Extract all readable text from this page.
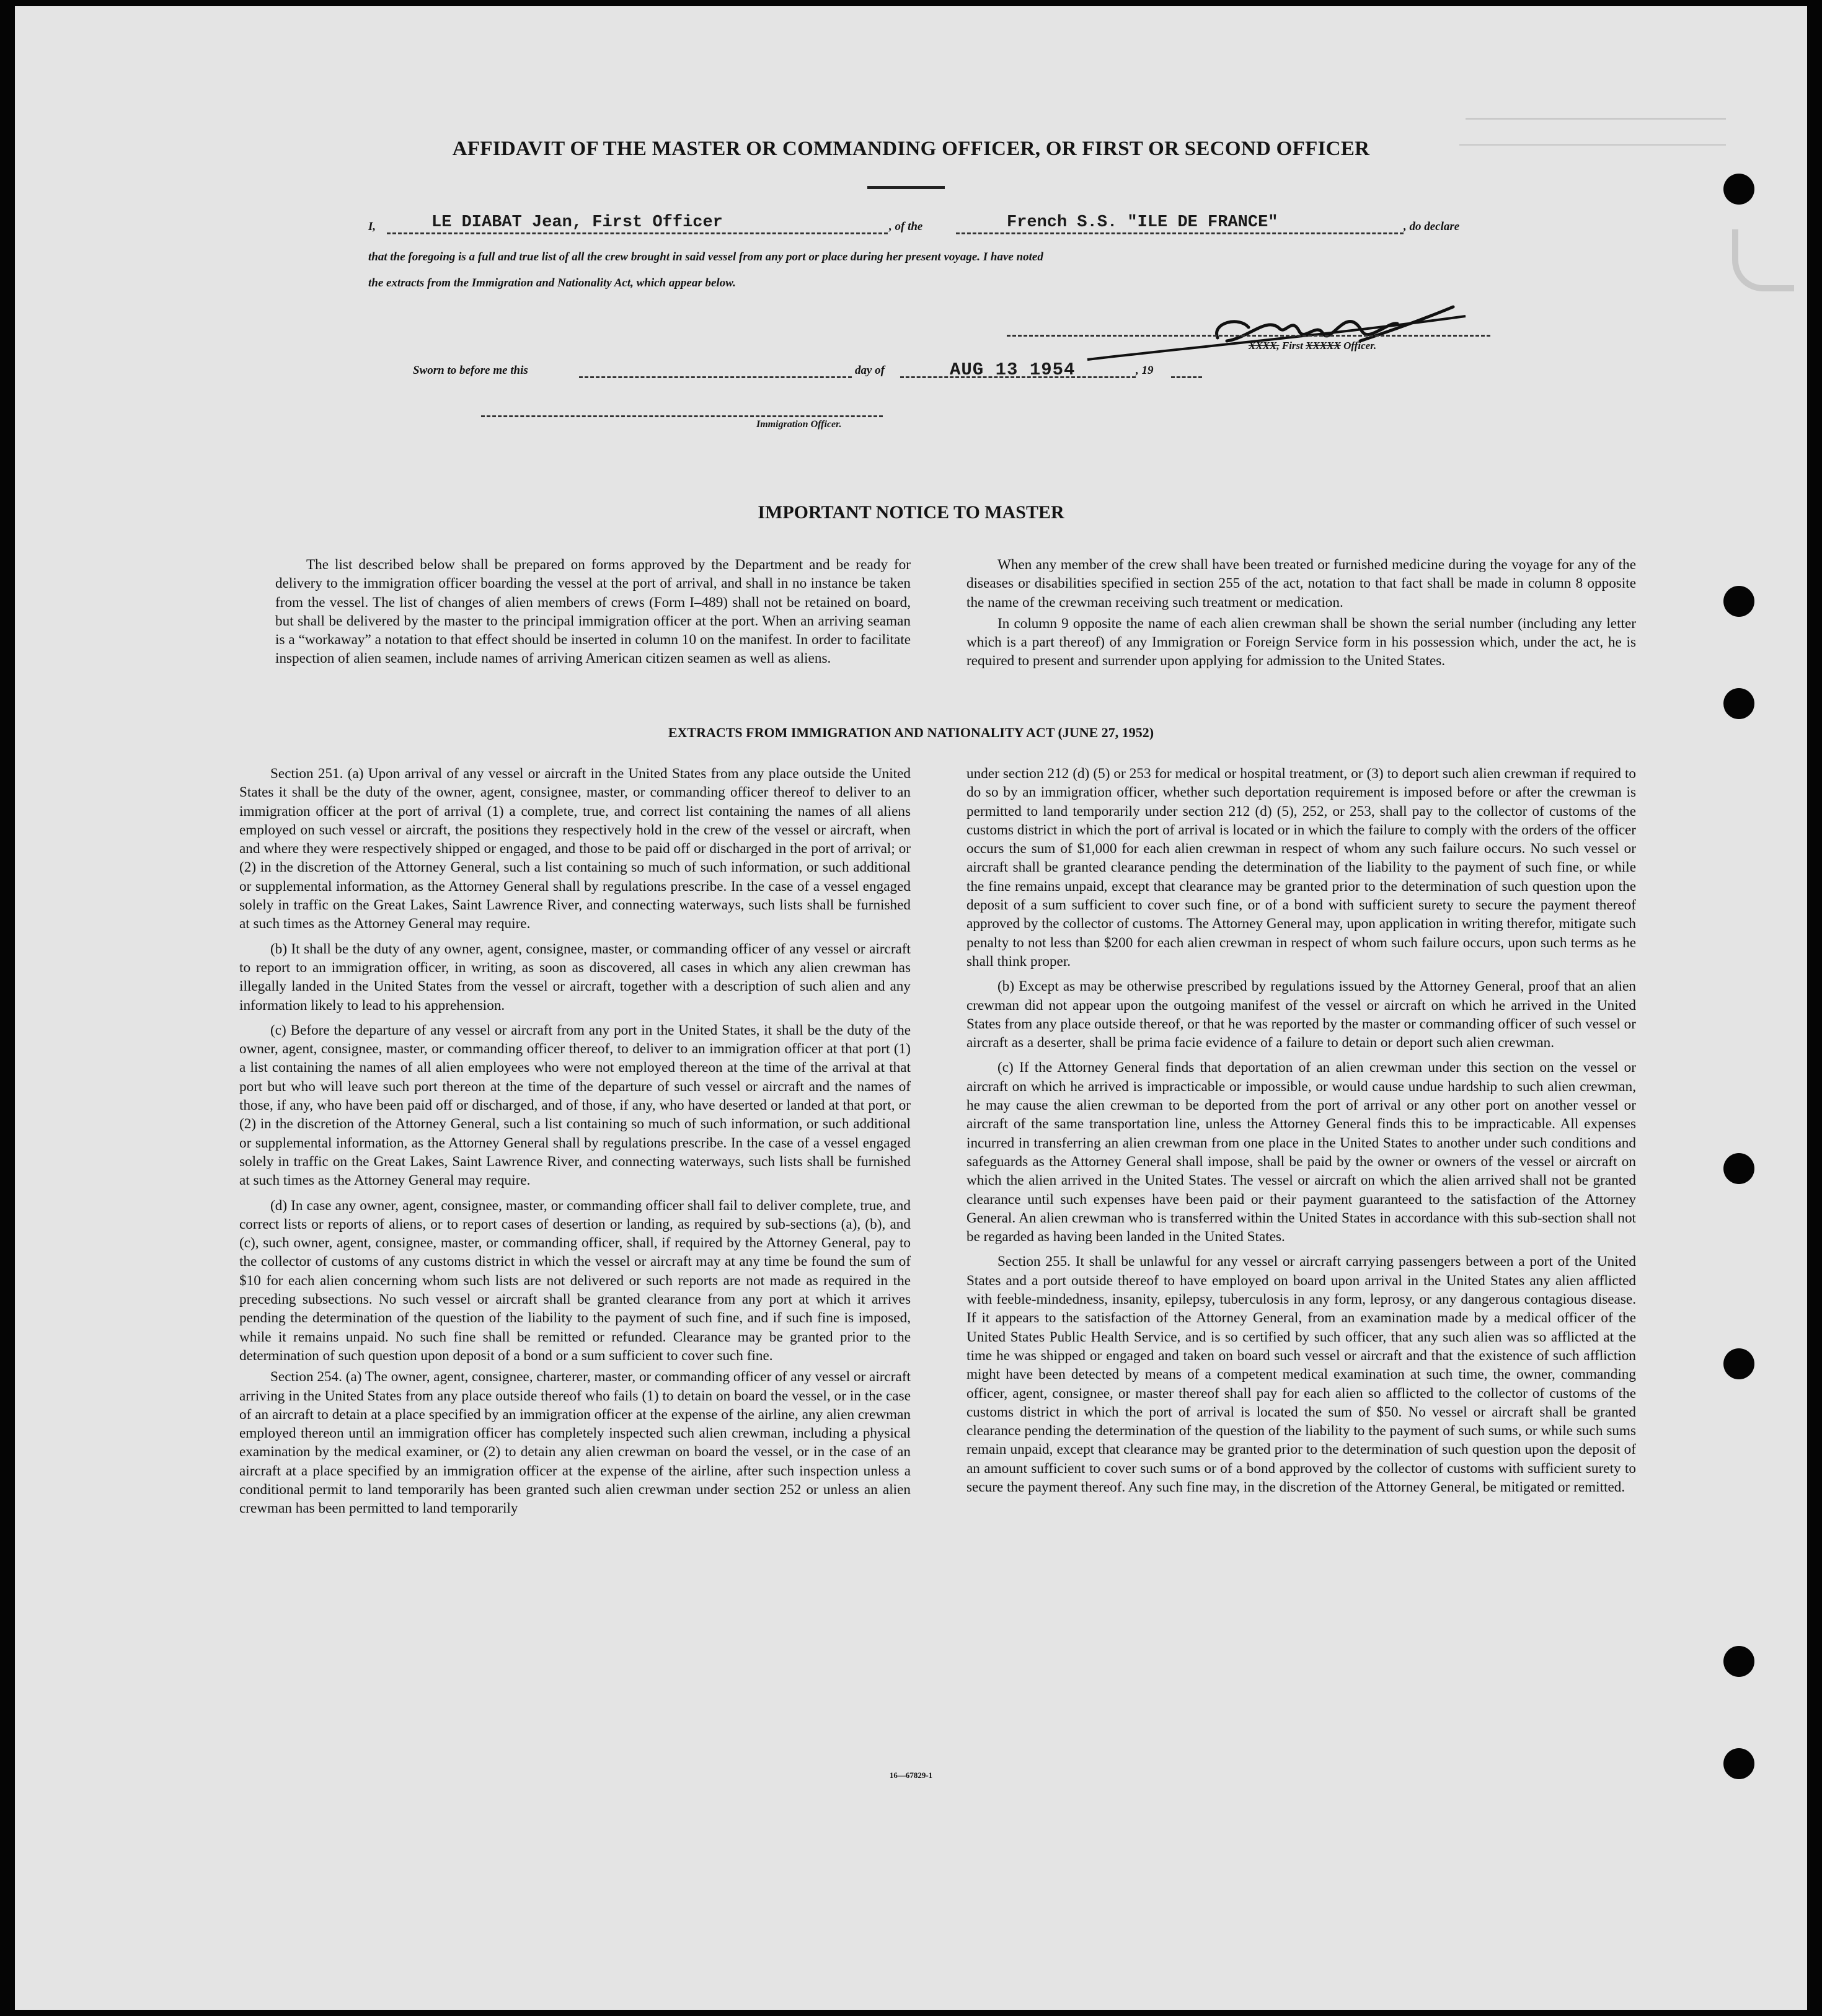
AFFIDAVIT OF THE MASTER OR COMMANDING OFFICER, OR FIRST OR SECOND OFFICER
I,	LE DIABAT Jean, First Officer	, of the	French S.S. "ILE DE FRANCE"	, do declare
that the foregoing is a full and true list of all the crew brought in said vessel from any port or place during her present voyage. I have noted
the extracts from the Immigration and Nationality Act, which appear below.
XXXX, First XXXXX Officer.
Sworn to before me this	day of	AUG 13 1954	, 19
Immigration Officer.
IMPORTANT NOTICE TO MASTER

The list described below shall be prepared on forms approved by the Department and be ready for delivery to the immigration officer boarding the vessel at the port of arrival, and shall in no instance be taken from the vessel. The list of changes of alien members of crews (Form I–489) shall not be retained on board, but shall be delivered by the master to the principal immigration officer at the port. When an arriving seaman is a “workaway” a notation to that effect should be inserted in column 10 on the manifest. In order to facilitate inspection of alien seamen, include names of arriving American citizen seamen as well as aliens.

When any member of the crew shall have been treated or furnished medicine during the voyage for any of the diseases or disabilities specified in section 255 of the act, notation to that fact shall be made in column 8 opposite the name of the crewman receiving such treatment or medication.

In column 9 opposite the name of each alien crewman shall be shown the serial number (including any letter which is a part thereof) of any Immigration or Foreign Service form in his possession which, under the act, he is required to present and surrender upon applying for admission to the United States.

EXTRACTS FROM IMMIGRATION AND NATIONALITY ACT (JUNE 27, 1952)

Section 251. (a) Upon arrival of any vessel or aircraft in the United States from any place outside the United States it shall be the duty of the owner, agent, consignee, master, or commanding officer thereof to deliver to an immigration officer at the port of arrival (1) a complete, true, and correct list containing the names of all aliens employed on such vessel or aircraft, the positions they respectively hold in the crew of the vessel or aircraft, when and where they were respectively shipped or engaged, and those to be paid off or discharged in the port of arrival; or (2) in the discretion of the Attorney General, such a list containing so much of such information, or such additional or supplemental information, as the Attorney General shall by regulations prescribe. In the case of a vessel engaged solely in traffic on the Great Lakes, Saint Lawrence River, and connecting waterways, such lists shall be furnished at such times as the Attorney General may require.

(b) It shall be the duty of any owner, agent, consignee, master, or commanding officer of any vessel or aircraft to report to an immigration officer, in writing, as soon as discovered, all cases in which any alien crewman has illegally landed in the United States from the vessel or aircraft, together with a description of such alien and any information likely to lead to his apprehension.

(c) Before the departure of any vessel or aircraft from any port in the United States, it shall be the duty of the owner, agent, consignee, master, or commanding officer thereof, to deliver to an immigration officer at that port (1) a list containing the names of all alien employees who were not employed thereon at the time of the arrival at that port but who will leave such port thereon at the time of the departure of such vessel or aircraft and the names of those, if any, who have been paid off or discharged, and of those, if any, who have deserted or landed at that port, or (2) in the discretion of the Attorney General, such a list containing so much of such information, or such additional or supplemental information, as the Attorney General shall by regulations prescribe. In the case of a vessel engaged solely in traffic on the Great Lakes, Saint Lawrence River, and connecting waterways, such lists shall be furnished at such times as the Attorney General may require.

(d) In case any owner, agent, consignee, master, or commanding officer shall fail to deliver complete, true, and correct lists or reports of aliens, or to report cases of desertion or landing, as required by sub-sections (a), (b), and (c), such owner, agent, consignee, master, or commanding officer, shall, if required by the Attorney General, pay to the collector of customs of any customs district in which the vessel or aircraft may at any time be found the sum of $10 for each alien concerning whom such lists are not delivered or such reports are not made as required in the preceding subsections. No such vessel or aircraft shall be granted clearance from any port at which it arrives pending the determination of the question of the liability to the payment of such fine, and if such fine is imposed, while it remains unpaid. No such fine shall be remitted or refunded. Clearance may be granted prior to the determination of such question upon deposit of a bond or a sum sufficient to cover such fine.

Section 254. (a) The owner, agent, consignee, charterer, master, or commanding officer of any vessel or aircraft arriving in the United States from any place outside thereof who fails (1) to detain on board the vessel, or in the case of an aircraft to detain at a place specified by an immigration officer at the expense of the airline, any alien crewman employed thereon until an immigration officer has completely inspected such alien crewman, including a physical examination by the medical examiner, or (2) to detain any alien crewman on board the vessel, or in the case of an aircraft at a place specified by an immigration officer at the expense of the airline, after such inspection unless a conditional permit to land temporarily has been granted such alien crewman under section 252 or unless an alien crewman has been permitted to land temporarily

under section 212 (d) (5) or 253 for medical or hospital treatment, or (3) to deport such alien crewman if required to do so by an immigration officer, whether such deportation requirement is imposed before or after the crewman is permitted to land temporarily under section 212 (d) (5), 252, or 253, shall pay to the collector of customs of the customs district in which the port of arrival is located or in which the failure to comply with the orders of the officer occurs the sum of $1,000 for each alien crewman in respect of whom any such failure occurs. No such vessel or aircraft shall be granted clearance pending the determination of the liability to the payment of such fine, or while the fine remains unpaid, except that clearance may be granted prior to the determination of such question upon the deposit of a sum sufficient to cover such fine, or of a bond with sufficient surety to secure the payment thereof approved by the collector of customs. The Attorney General may, upon application in writing therefor, mitigate such penalty to not less than $200 for each alien crewman in respect of whom such failure occurs, upon such terms as he shall think proper.

(b) Except as may be otherwise prescribed by regulations issued by the Attorney General, proof that an alien crewman did not appear upon the outgoing manifest of the vessel or aircraft on which he arrived in the United States from any place outside thereof, or that he was reported by the master or commanding officer of such vessel or aircraft as a deserter, shall be prima facie evidence of a failure to detain or deport such alien crewman.

(c) If the Attorney General finds that deportation of an alien crewman under this section on the vessel or aircraft on which he arrived is impracticable or impossible, or would cause undue hardship to such alien crewman, he may cause the alien crewman to be deported from the port of arrival or any other port on another vessel or aircraft of the same transportation line, unless the Attorney General finds this to be impracticable. All expenses incurred in transferring an alien crewman from one place in the United States to another under such conditions and safeguards as the Attorney General shall impose, shall be paid by the owner or owners of the vessel or aircraft on which the alien arrived in the United States. The vessel or aircraft on which the alien arrived shall not be granted clearance until such expenses have been paid or their payment guaranteed to the satisfaction of the Attorney General. An alien crewman who is transferred within the United States in accordance with this sub-section shall not be regarded as having been landed in the United States.

Section 255. It shall be unlawful for any vessel or aircraft carrying passengers between a port of the United States and a port outside thereof to have employed on board upon arrival in the United States any alien afflicted with feeble-mindedness, insanity, epilepsy, tuberculosis in any form, leprosy, or any dangerous contagious disease. If it appears to the satisfaction of the Attorney General, from an examination made by a medical officer of the United States Public Health Service, and is so certified by such officer, that any such alien was so afflicted at the time he was shipped or engaged and taken on board such vessel or aircraft and that the existence of such affliction might have been detected by means of a competent medical examination at such time, the owner, commanding officer, agent, consignee, or master thereof shall pay for each alien so afflicted to the collector of customs of the customs district in which the port of arrival is located the sum of $50. No vessel or aircraft shall be granted clearance pending the determination of the question of the liability to the payment of such sums, or while such sums remain unpaid, except that clearance may be granted prior to the determination of such question upon the deposit of an amount sufficient to cover such sums or of a bond approved by the collector of customs with sufficient surety to secure the payment thereof. Any such fine may, in the discretion of the Attorney General, be mitigated or remitted.

16—67829-1
